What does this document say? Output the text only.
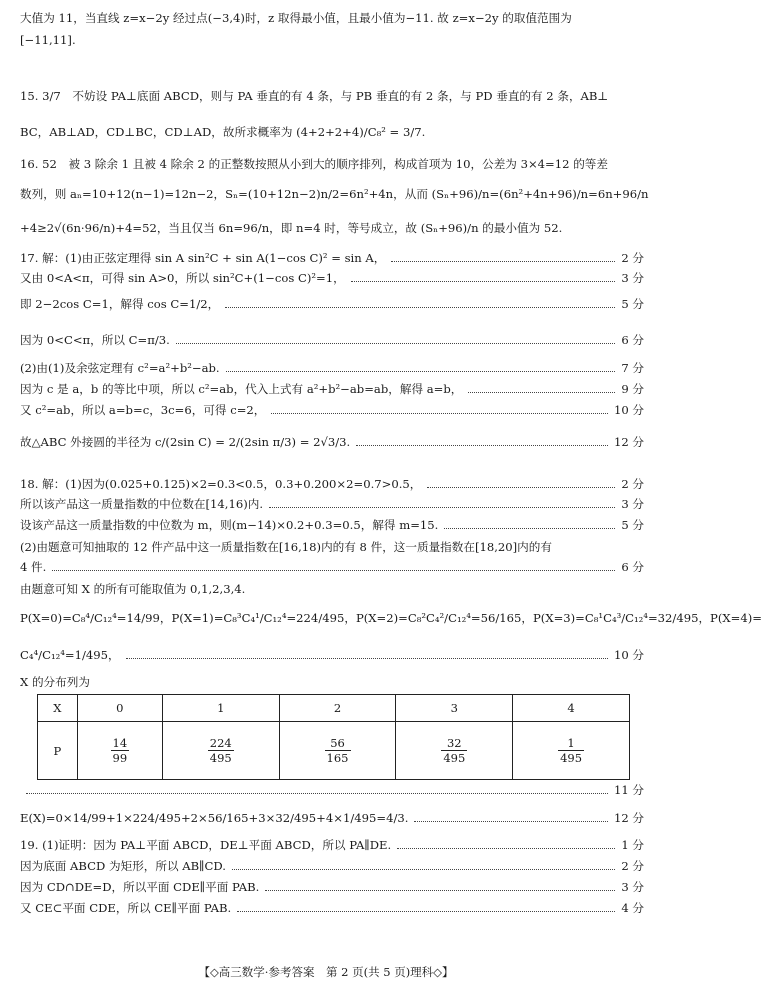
大值为 11，当直线 z=x−2y 经过点(−3,4)时，z 取得最小值，且最小值为−11. 故 z=x−2y 的取值范围为
[−11,11].
15. 3/7　不妨设 PA⊥底面 ABCD，则与 PA 垂直的有 4 条，与 PB 垂直的有 2 条，与 PD 垂直的有 2 条，AB⊥
BC，AB⊥AD，CD⊥BC，CD⊥AD，故所求概率为 (4+2+2+4)/C₈² = 3/7.
16. 52　被 3 除余 1 且被 4 除余 2 的正整数按照从小到大的顺序排列，构成首项为 10，公差为 3×4=12 的等差
数列，则 aₙ=10+12(n−1)=12n−2，Sₙ=(10+12n−2)n/2=6n²+4n，从而 (Sₙ+96)/n=(6n²+4n+96)/n=6n+96/n
+4≥2√(6n·96/n)+4=52，当且仅当 6n=96/n，即 n=4 时，等号成立，故 (Sₙ+96)/n 的最小值为 52.
17. 解：(1)由正弦定理得 sin A sin²C + sin A(1−cos C)² = sin A，	2 分
又由 0<A<π，可得 sin A>0，所以 sin²C+(1−cos C)²=1，	3 分
即 2−2cos C=1，解得 cos C=1/2，	5 分
因为 0<C<π，所以 C=π/3.	6 分
(2)由(1)及余弦定理有 c²=a²+b²−ab.	7 分
因为 c 是 a，b 的等比中项，所以 c²=ab，代入上式有 a²+b²−ab=ab，解得 a=b，	9 分
又 c²=ab，所以 a=b=c，3c=6，可得 c=2，	10 分
故△ABC 外接圆的半径为 c/(2sin C) = 2/(2sin π/3) = 2√3/3.	12 分
18. 解：(1)因为(0.025+0.125)×2=0.3<0.5，0.3+0.200×2=0.7>0.5，	2 分
所以该产品这一质量指数的中位数在[14,16)内.	3 分
设该产品这一质量指数的中位数为 m，则(m−14)×0.2+0.3=0.5，解得 m=15.	5 分
(2)由题意可知抽取的 12 件产品中这一质量指数在[16,18)内的有 8 件，这一质量指数在[18,20]内的有
4 件.	6 分
由题意可知 X 的所有可能取值为 0,1,2,3,4.
P(X=0)=C₈⁴/C₁₂⁴=14/99，P(X=1)=C₈³C₄¹/C₁₂⁴=224/495，P(X=2)=C₈²C₄²/C₁₂⁴=56/165，P(X=3)=C₈¹C₄³/C₁₂⁴=32/495，P(X=4)=
C₄⁴/C₁₂⁴=1/495，	10 分
X 的分布列为
X	0	1	2	3	4
P	$\frac{14}{99}$	$\frac{224}{495}$	$\frac{56}{165}$	$\frac{32}{495}$	$\frac{1}{495}$
11 分
E(X)=0×14/99+1×224/495+2×56/165+3×32/495+4×1/495=4/3.	12 分
19. (1)证明：因为 PA⊥平面 ABCD，DE⊥平面 ABCD，所以 PA∥DE.	1 分
因为底面 ABCD 为矩形，所以 AB∥CD.	2 分
因为 CD∩DE=D，所以平面 CDE∥平面 PAB.	3 分
又 CE⊂平面 CDE，所以 CE∥平面 PAB.	4 分
【◇高三数学·参考答案　第 2 页(共 5 页)理科◇】
